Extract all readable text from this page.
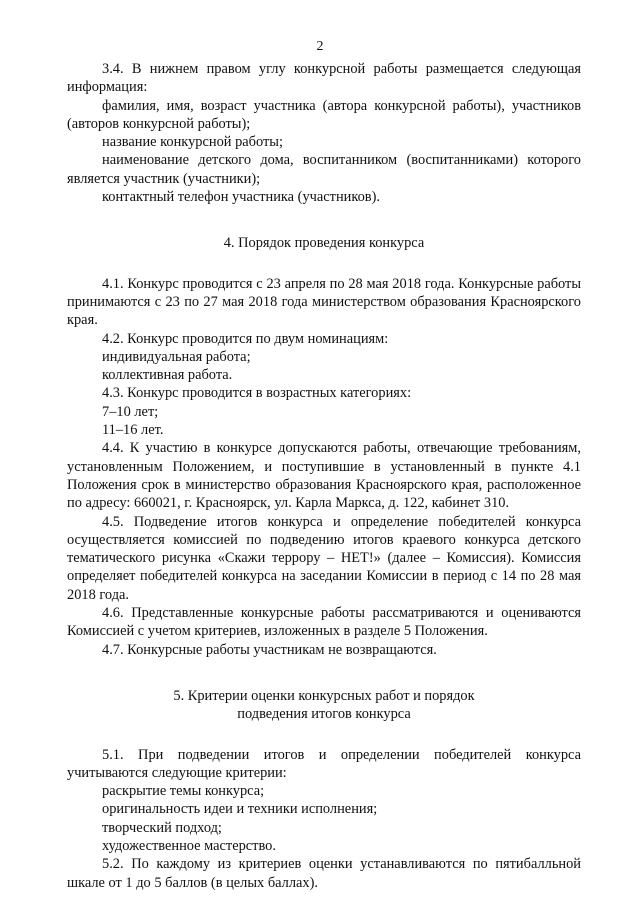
2

3.4. В нижнем правом углу конкурсной работы размещается следующая информация:

фамилия, имя, возраст участника (автора конкурсной работы), участников (авторов конкурсной работы);

название конкурсной работы;

наименование детского дома, воспитанником (воспитанниками) которого является участник (участники);

контактный телефон участника (участников).

4. Порядок проведения конкурса

4.1. Конкурс проводится с 23 апреля по 28 мая 2018 года. Конкурсные работы принимаются с 23 по 27 мая 2018 года министерством образования Красноярского края.

4.2. Конкурс проводится по двум номинациям:

индивидуальная работа;

коллективная работа.

4.3. Конкурс проводится в возрастных категориях:

7–10 лет;

11–16 лет.

4.4. К участию в конкурсе допускаются работы, отвечающие требованиям, установленным Положением, и поступившие в установленный в пункте 4.1 Положения срок в министерство образования Красноярского края, расположенное по адресу: 660021, г. Красноярск, ул. Карла Маркса, д. 122, кабинет 310.

4.5. Подведение итогов конкурса и определение победителей конкурса осуществляется комиссией по подведению итогов краевого конкурса детского тематического рисунка «Скажи террору – НЕТ!» (далее – Комиссия). Комиссия определяет победителей конкурса на заседании Комиссии в период с 14 по 28 мая 2018 года.

4.6. Представленные конкурсные работы рассматриваются и оцениваются Комиссией с учетом критериев, изложенных в разделе 5 Положения.

4.7. Конкурсные работы участникам не возвращаются.

5. Критерии оценки конкурсных работ и порядок
подведения итогов конкурса

5.1. При подведении итогов и определении победителей конкурса учитываются следующие критерии:

раскрытие темы конкурса;

оригинальность идеи и техники исполнения;

творческий подход;

художественное мастерство.

5.2. По каждому из критериев оценки устанавливаются по пятибалльной шкале от 1 до 5 баллов (в целых баллах).
